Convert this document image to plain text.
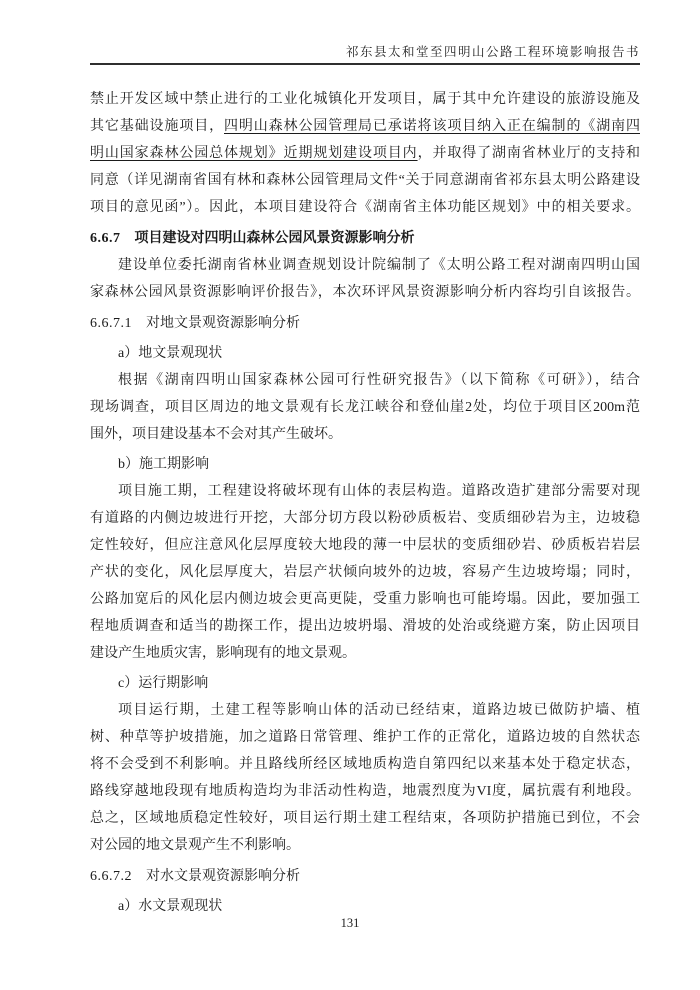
祁东县太和堂至四明山公路工程环境影响报告书
禁止开发区域中禁止进行的工业化城镇化开发项目，属于其中允许建设的旅游设施及
其它基础设施项目，四明山森林公园管理局已承诺将该项目纳入正在编制的《湖南四
明山国家森林公园总体规划》近期规划建设项目内，并取得了湖南省林业厅的支持和
同意（详见湖南省国有林和森林公园管理局文件“关于同意湖南省祁东县太明公路建设
项目的意见函”）。因此，本项目建设符合《湖南省主体功能区规划》中的相关要求。
6.6.7 项目建设对四明山森林公园风景资源影响分析
建设单位委托湖南省林业调查规划设计院编制了《太明公路工程对湖南四明山国
家森林公园风景资源影响评价报告》，本次环评风景资源影响分析内容均引自该报告。
6.6.7.1 对地文景观资源影响分析
a）地文景观现状
根据《湖南四明山国家森林公园可行性研究报告》（以下简称《可研》），结合
现场调查，项目区周边的地文景观有长龙江峡谷和登仙崖2处，均位于项目区200m范
围外，项目建设基本不会对其产生破坏。
b）施工期影响
项目施工期，工程建设将破坏现有山体的表层构造。道路改造扩建部分需要对现
有道路的内侧边坡进行开挖，大部分切方段以粉砂质板岩、变质细砂岩为主，边坡稳
定性较好，但应注意风化层厚度较大地段的薄一中层状的变质细砂岩、砂质板岩岩层
产状的变化，风化层厚度大，岩层产状倾向坡外的边坡，容易产生边坡垮塌；同时，
公路加宽后的风化层内侧边坡会更高更陡，受重力影响也可能垮塌。因此，要加强工
程地质调查和适当的勘探工作，提出边坡坍塌、滑坡的处治或绕避方案，防止因项目
建设产生地质灾害，影响现有的地文景观。
c）运行期影响
项目运行期，土建工程等影响山体的活动已经结束，道路边坡已做防护墙、植
树、种草等护坡措施，加之道路日常管理、维护工作的正常化，道路边坡的自然状态
将不会受到不利影响。并且路线所经区域地质构造自第四纪以来基本处于稳定状态，
路线穿越地段现有地质构造均为非活动性构造，地震烈度为VI度，属抗震有利地段。
总之，区域地质稳定性较好，项目运行期土建工程结束，各项防护措施已到位，不会
对公园的地文景观产生不利影响。
6.6.7.2 对水文景观资源影响分析
a）水文景观现状
131
